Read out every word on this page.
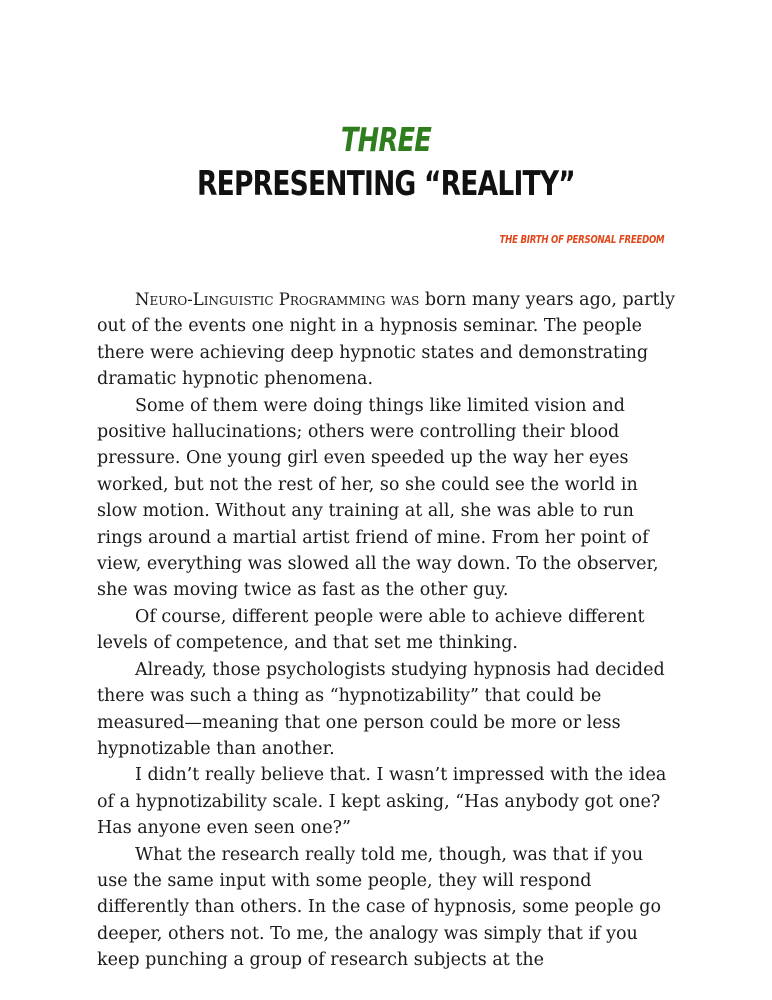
THREE
REPRESENTING “REALITY”
THE BIRTH OF PERSONAL FREEDOM

Neuro-Linguistic Programming was born many years ago, partly out of the events one night in a hypnosis seminar. The people there were achieving deep hypnotic states and demonstrating dramatic hypnotic phenomena.

Some of them were doing things like limited vision and positive hallucinations; others were controlling their blood pressure. One young girl even speeded up the way her eyes worked, but not the rest of her, so she could see the world in slow motion. Without any training at all, she was able to run rings around a martial artist friend of mine. From her point of view, everything was slowed all the way down. To the observer, she was moving twice as fast as the other guy.

Of course, different people were able to achieve different levels of competence, and that set me thinking.

Already, those psychologists studying hypnosis had decided there was such a thing as “hypnotizability” that could be measured—meaning that one person could be more or less hypnotizable than another.

I didn’t really believe that. I wasn’t impressed with the idea of a hypnotizability scale. I kept asking, “Has anybody got one? Has anyone even seen one?”

What the research really told me, though, was that if you use the same input with some people, they will respond differently than others. In the case of hypnosis, some people go deeper, others not. To me, the analogy was simply that if you keep punching a group of research subjects at the
